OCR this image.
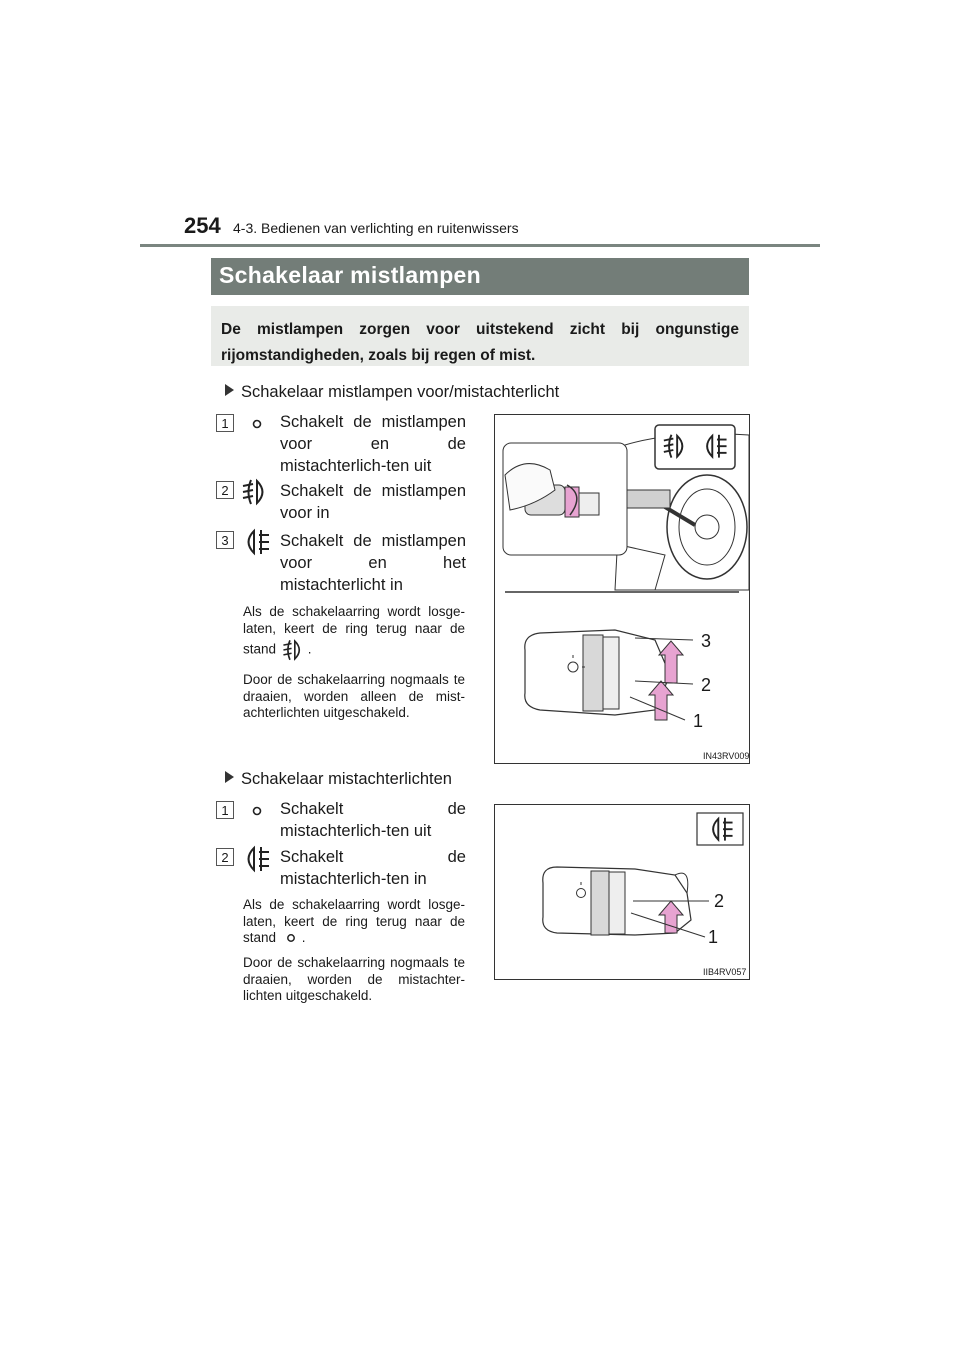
254 4-3. Bedienen van verlichting en ruitenwissers
Schakelaar mistlampen

De mistlampen zorgen voor uitstekend zicht bij ongunstige rijomstandigheden, zoals bij regen of mist.

Schakelaar mistlampen voor/mistachterlicht
1	Schakelt de mistlampen voor en de mistachterlich-ten uit
2	Schakelt de mistlampen voor in
3	Schakelt de mistlampen voor en het mistachterlicht in
Als de schakelaarring wordt losge-laten, keert de ring terug naar de stand .
Door de schakelaarring nogmaals te draaien, worden alleen de mist-achterlichten uitgeschakeld.
3
2
1
IN43RV009
Schakelaar mistachterlichten
1	Schakelt de mistachterlich-ten uit
2	Schakelt de mistachterlich-ten in
Als de schakelaarring wordt losge-laten, keert de ring terug naar de stand .
Door de schakelaarring nogmaals te draaien, worden de mistachter-lichten uitgeschakeld.
2
1
IIB4RV057
